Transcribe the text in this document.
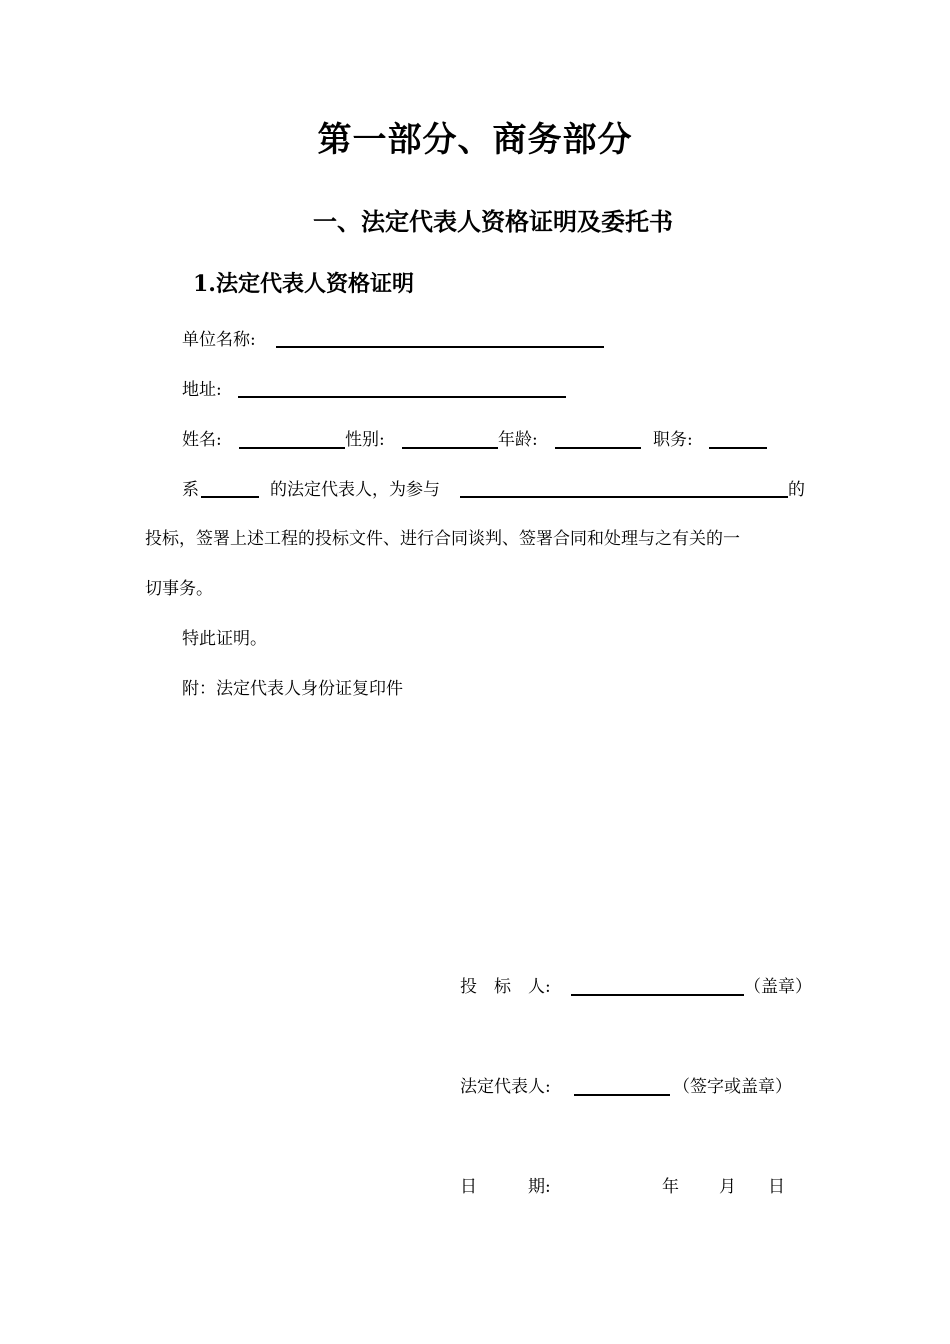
第一部分、商务部分
一、法定代表人资格证明及委托书
1.法定代表人资格证明
单位名称:
地址:
姓名:	性别:	年龄:	职务:
系	的法定代表人，为参与	的
投标，签署上述工程的投标文件、进行合同谈判、签署合同和处理与之有关的一
切事务。
特此证明。
附：法定代表人身份证复印件
投　标　人:	（盖章）
法定代表人:	（签字或盖章）
日　　　期:	年 月 日
